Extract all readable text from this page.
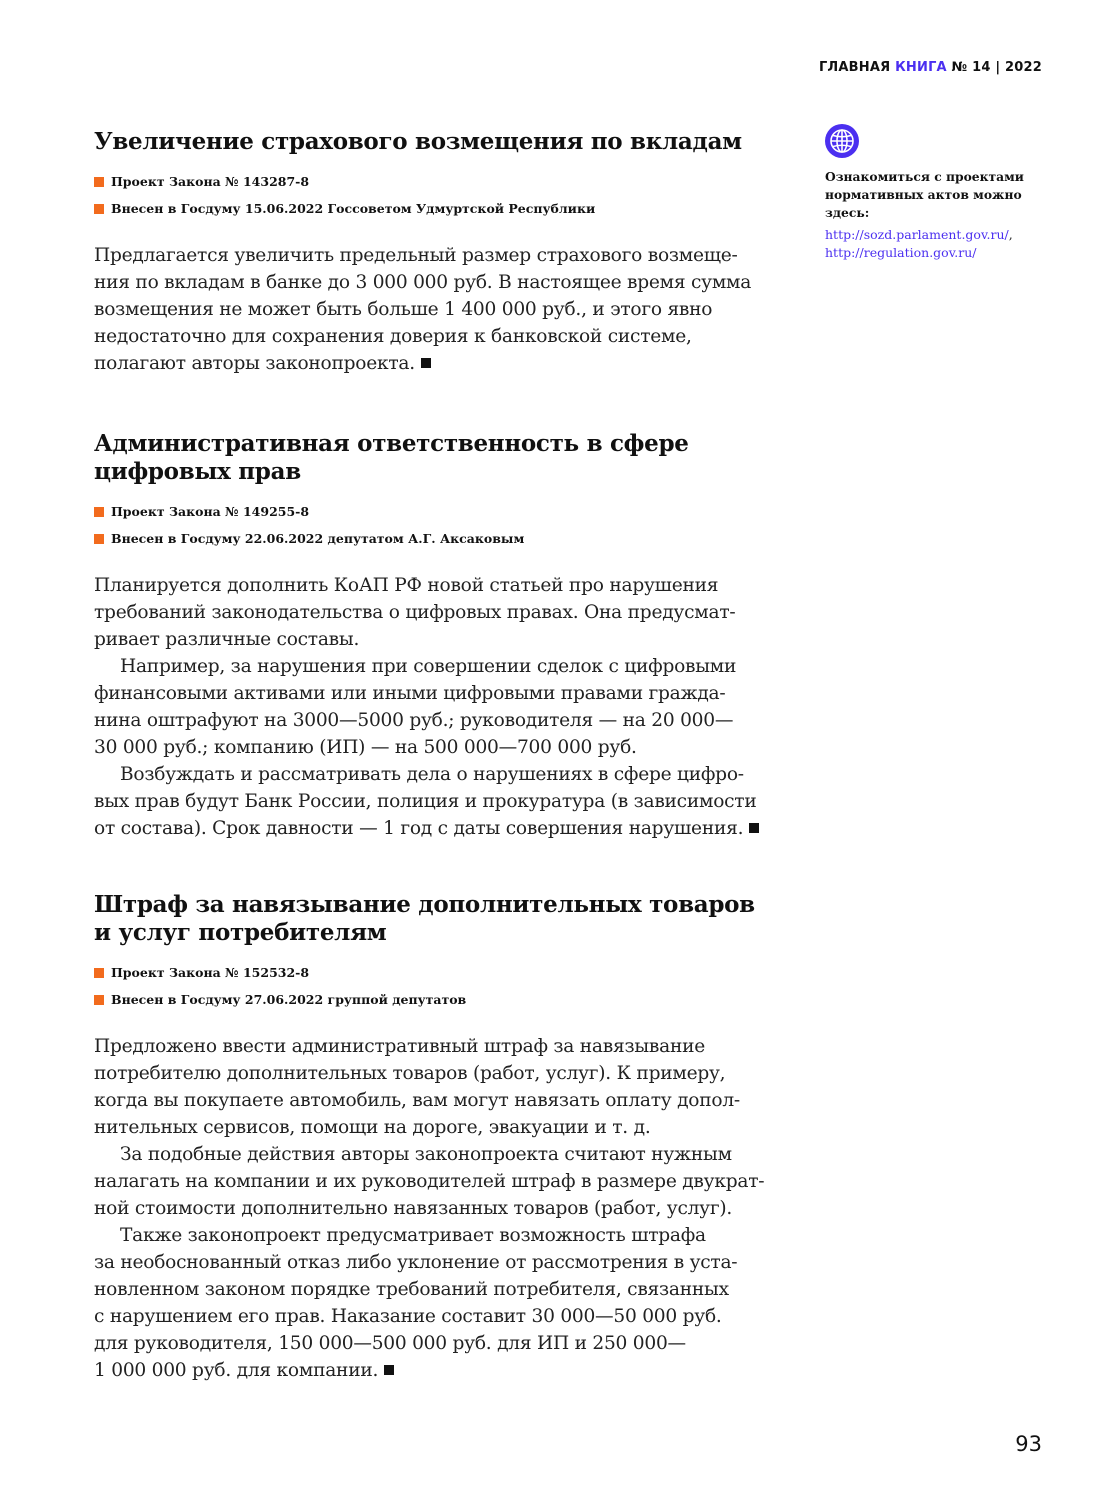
ГЛАВНАЯ КНИГА № 14 | 2022
Увеличение страхового возмещения по вкладам
Проект Закона № 143287-8
Внесен в Госдуму 15.06.2022 Госсоветом Удмуртской Республики

Предлагается увеличить предельный размер страхового возмеще-

ния по вкладам в банке до 3 000 000 руб. В настоящее время сумма

возмещения не может быть больше 1 400 000 руб., и этого явно

недостаточно для сохранения доверия к банковской системе,

полагают авторы законопроекта.

Административная ответственность в сфере
цифровых прав
Проект Закона № 149255-8
Внесен в Госдуму 22.06.2022 депутатом А.Г. Аксаковым

Планируется дополнить КоАП РФ новой статьей про нарушения

требований законодательства о цифровых правах. Она предусмат-

ривает различные составы.

Например, за нарушения при совершении сделок с цифровыми

финансовыми активами или иными цифровыми правами гражда-

нина оштрафуют на 3000—5000 руб.; руководителя — на 20 000—

30 000 руб.; компанию (ИП) — на 500 000—700 000 руб.

Возбуждать и рассматривать дела о нарушениях в сфере цифро-

вых прав будут Банк России, полиция и прокуратура (в зависимости

от состава). Срок давности — 1 год с даты совершения нарушения.

Штраф за навязывание дополнительных товаров
и услуг потребителям
Проект Закона № 152532-8
Внесен в Госдуму 27.06.2022 группой депутатов

Предложено ввести административный штраф за навязывание

потребителю дополнительных товаров (работ, услуг). К примеру,

когда вы покупаете автомобиль, вам могут навязать оплату допол-

нительных сервисов, помощи на дороге, эвакуации и т. д.

За подобные действия авторы законопроекта считают нужным

налагать на компании и их руководителей штраф в размере двукрат-

ной стоимости дополнительно навязанных товаров (работ, услуг).

Также законопроект предусматривает возможность штрафа

за необоснованный отказ либо уклонение от рассмотрения в уста-

новленном законом порядке требований потребителя, связанных

с нарушением его прав. Наказание составит 30 000—50 000 руб.

для руководителя, 150 000—500 000 руб. для ИП и 250 000—

1 000 000 руб. для компании.

Ознакомиться с проектами нормативных актов можно здесь:
http://sozd.parlament.gov.ru/,
http://regulation.gov.ru/
93
